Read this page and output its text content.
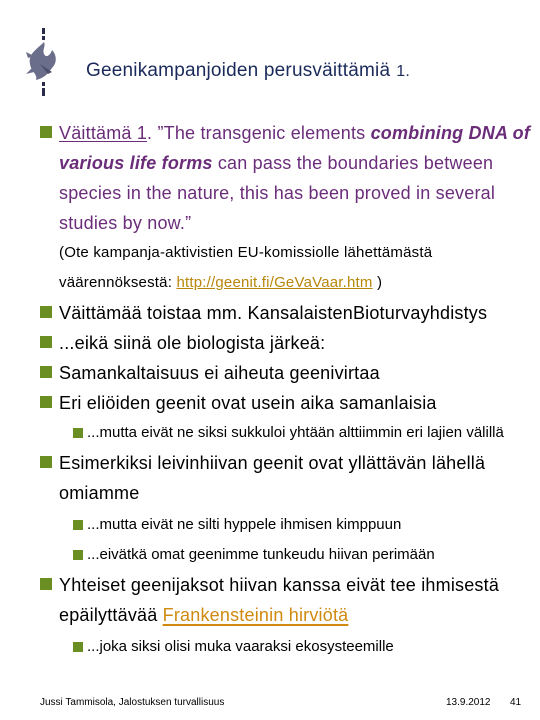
Geenikampanjoiden perusväittämiä 1.
Väittämä 1. ”The transgenic elements combining DNA of various life forms can pass the boundaries between species in the nature, this has been proved in several studies by now.”
(Ote kampanja-aktivistien EU-komissiolle lähettämästä väärennöksestä: http://geenit.fi/GeVaVaar.htm )
Väittämää toistaa mm. KansalaistenBioturvayhdistys
...eikä siinä ole biologista järkeä:
Samankaltaisuus ei aiheuta geenivirtaa
Eri eliöiden geenit ovat usein aika samanlaisia
...mutta eivät ne siksi sukkuloi yhtään alttiimmin eri lajien välillä
Esimerkiksi leivinhiivan geenit ovat yllättävän lähellä omiamme
...mutta eivät ne silti hyppele ihmisen kimppuun
...eivätkä omat geenimme tunkeudu hiivan perimään
Yhteiset geenijaksot hiivan kanssa eivät tee ihmisestä epäilyttävää Frankensteinin hirviötä
...joka siksi olisi muka vaaraksi ekosysteemille
Jussi Tammisola, Jalostuksen turvallisuus	13.9.2012 41
